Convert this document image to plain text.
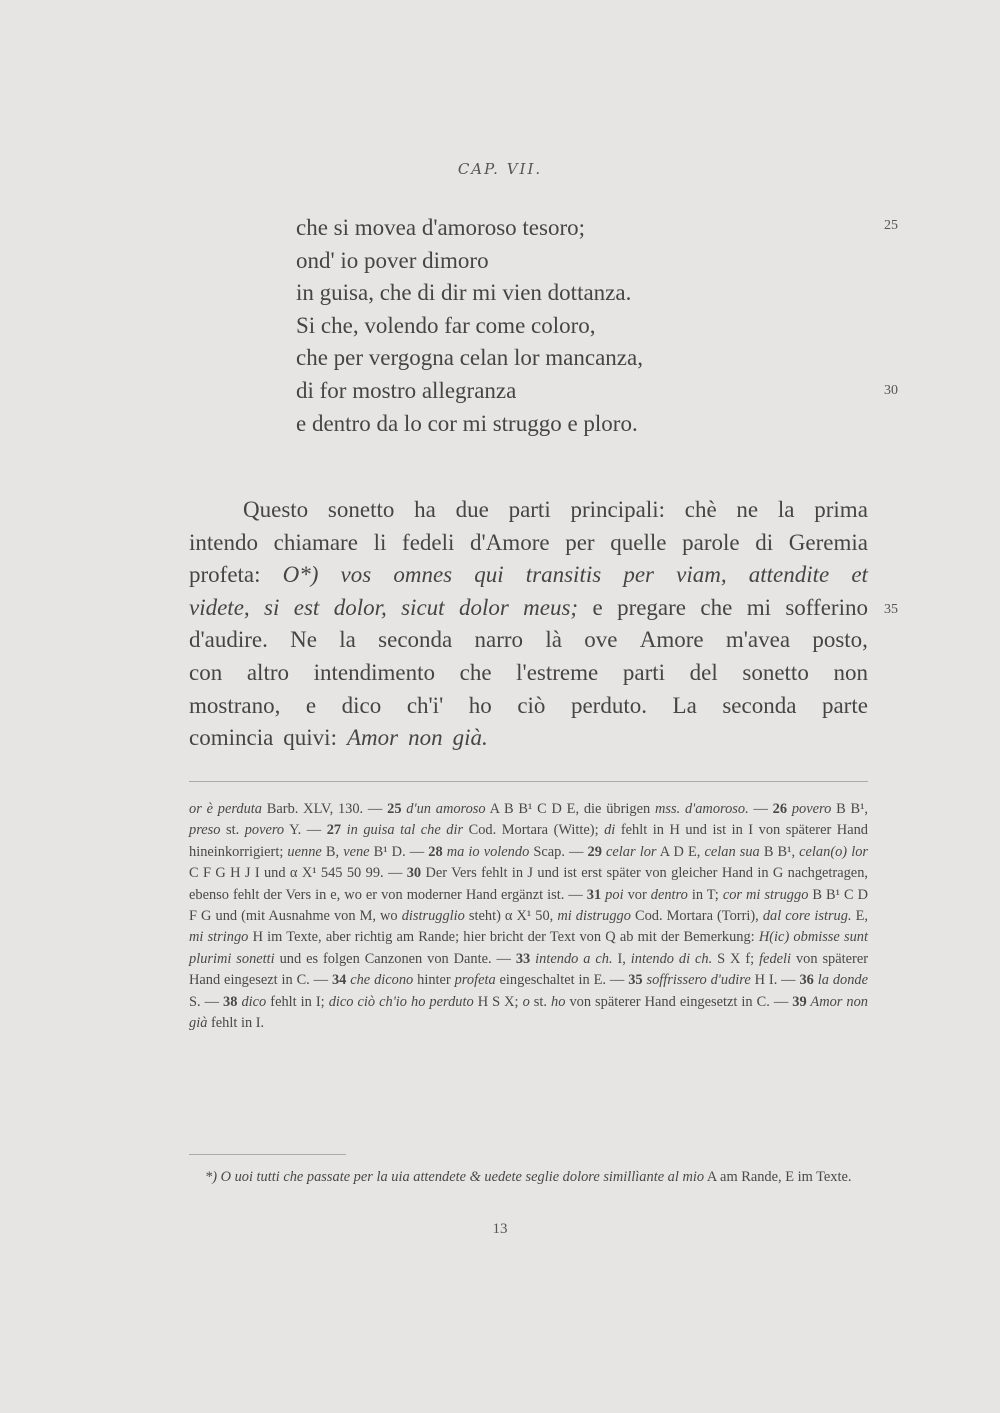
CAP. VII.
che si movea d'amoroso tesoro;
ond' io pover dimoro
in guisa, che di dir mi vien dottanza.
Si che, volendo far come coloro,
che per vergogna celan lor mancanza,
di for mostro allegranza
e dentro da lo cor mi struggo e ploro.
25
30
35
Questo sonetto ha due parti principali: chè ne la prima
intendo chiamare li fedeli d'Amore per quelle parole di Geremia
profeta: O*) vos omnes qui transitis per viam, attendite et
videte, si est dolor, sicut dolor meus; e pregare che mi sofferino
d'audire. Ne la seconda narro là ove Amore m'avea posto,
con altro intendimento che l'estreme parti del sonetto non
mostrano, e dico ch'i' ho ciò perduto. La seconda parte
comincia quivi: Amor non già.
or è perduta Barb. XLV, 130. — 25 d'un amoroso A B B¹ C D E, die übrigen mss. d'amoroso. — 26 povero B B¹, preso st. povero Y. — 27 in guisa tal che dir Cod. Mortara (Witte); di fehlt in H und ist in I von späterer Hand hineinkorrigiert; uenne B, vene B¹ D. — 28 ma io volendo Scap. — 29 celar lor A D E, celan sua B B¹, celan(o) lor C F G H J I und α X¹ 545 50 99. — 30 Der Vers fehlt in J und ist erst später von gleicher Hand in G nachgetragen, ebenso fehlt der Vers in e, wo er von moderner Hand ergänzt ist. — 31 poi vor dentro in T; cor mi struggo B B¹ C D F G und (mit Ausnahme von M, wo distrugglio steht) α X¹ 50, mi distruggo Cod. Mortara (Torri), dal core istrug. E, mi stringo H im Texte, aber richtig am Rande; hier bricht der Text von Q ab mit der Bemerkung: H(ic) obmisse sunt plurimi sonetti und es folgen Canzonen von Dante. — 33 intendo a ch. I, intendo di ch. S X f; fedeli von späterer Hand eingesezt in C. — 34 che dicono hinter profeta eingeschaltet in E. — 35 soffrissero d'udire H I. — 36 la donde S. — 38 dico fehlt in I; dico ciò ch'io ho perduto H S X; o st. ho von späterer Hand eingesetzt in C. — 39 Amor non già fehlt in I.
*) O uoi tutti che passate per la uia attendete & uedete seglie dolore simillìante al mio A am Rande, E im Texte.
13
